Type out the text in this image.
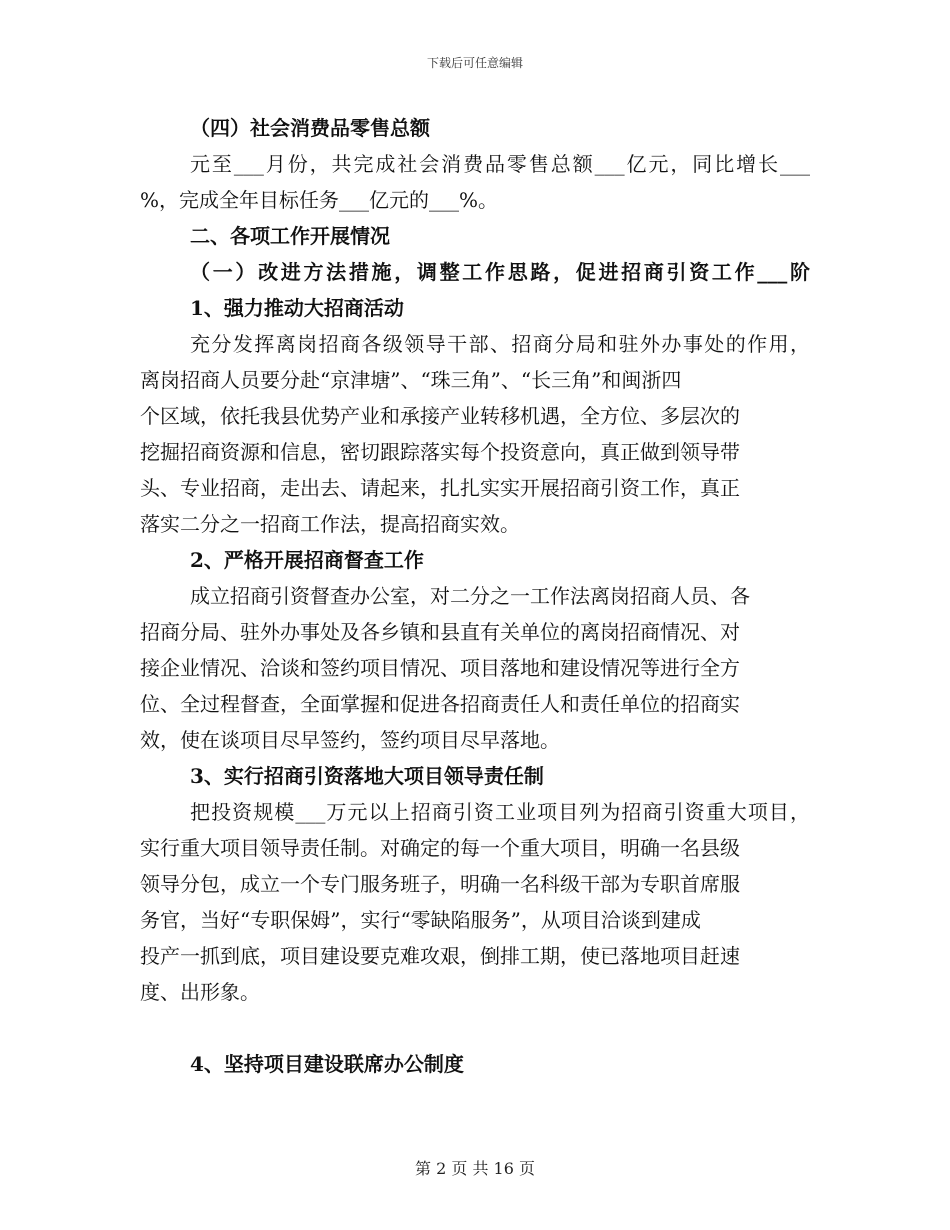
下载后可任意编辑
（四）社会消费品零售总额
元至___月份，共完成社会消费品零售总额___亿元，同比增长___
%，完成全年目标任务___亿元的___%。
二、各项工作开展情况
（一）改进方法措施，调整工作思路，促进招商引资工作___阶
1、强力推动大招商活动
充分发挥离岗招商各级领导干部、招商分局和驻外办事处的作用，
离岗招商人员要分赴“京津塘”、“珠三角”、“长三角”和闽浙四
个区域，依托我县优势产业和承接产业转移机遇，全方位、多层次的
挖掘招商资源和信息，密切跟踪落实每个投资意向，真正做到领导带
头、专业招商，走出去、请起来，扎扎实实开展招商引资工作，真正
落实二分之一招商工作法，提高招商实效。
2、严格开展招商督查工作
成立招商引资督查办公室，对二分之一工作法离岗招商人员、各
招商分局、驻外办事处及各乡镇和县直有关单位的离岗招商情况、对
接企业情况、洽谈和签约项目情况、项目落地和建设情况等进行全方
位、全过程督查，全面掌握和促进各招商责任人和责任单位的招商实
效，使在谈项目尽早签约，签约项目尽早落地。
3、实行招商引资落地大项目领导责任制
把投资规模___万元以上招商引资工业项目列为招商引资重大项目，
实行重大项目领导责任制。对确定的每一个重大项目，明确一名县级
领导分包，成立一个专门服务班子，明确一名科级干部为专职首席服
务官，当好“专职保姆”，实行“零缺陷服务”，从项目洽谈到建成
投产一抓到底，项目建设要克难攻艰，倒排工期，使已落地项目赶速
度、出形象。
4、坚持项目建设联席办公制度
第 2 页 共 16 页
